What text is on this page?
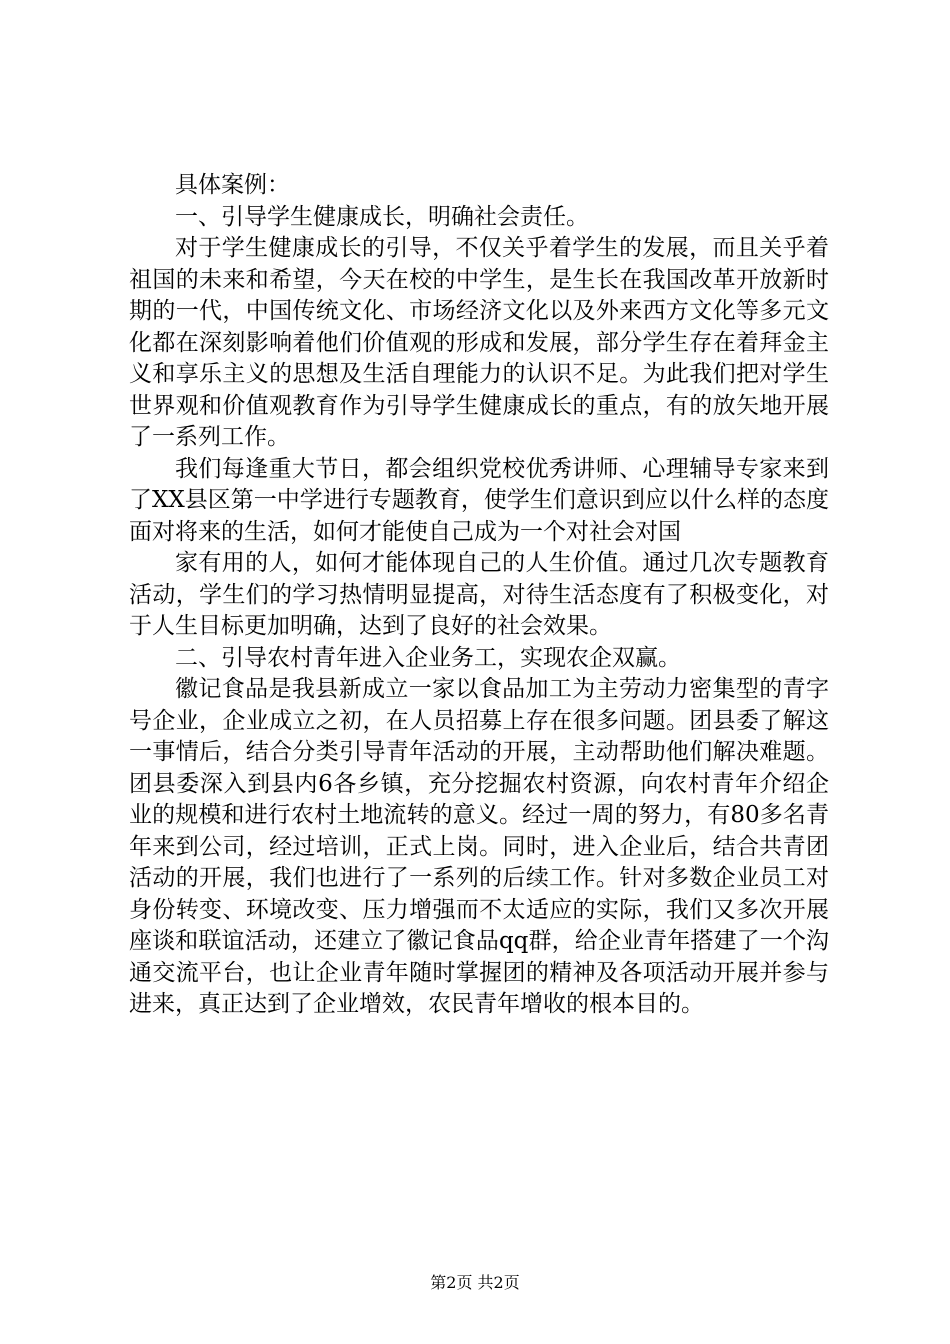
具体案例：

一、引导学生健康成长，明确社会责任。

对于学生健康成长的引导，不仅关乎着学生的发展，而且关乎着祖国的未来和希望，今天在校的中学生，是生长在我国改革开放新时期的一代，中国传统文化、市场经济文化以及外来西方文化等多元文化都在深刻影响着他们价值观的形成和发展，部分学生存在着拜金主义和享乐主义的思想及生活自理能力的认识不足。为此我们把对学生世界观和价值观教育作为引导学生健康成长的重点，有的放矢地开展了一系列工作。

我们每逢重大节日，都会组织党校优秀讲师、心理辅导专家来到了XX县区第一中学进行专题教育，使学生们意识到应以什么样的态度面对将来的生活，如何才能使自己成为一个对社会对国

家有用的人，如何才能体现自己的人生价值。通过几次专题教育活动，学生们的学习热情明显提高，对待生活态度有了积极变化，对于人生目标更加明确，达到了良好的社会效果。

二、引导农村青年进入企业务工，实现农企双赢。

徽记食品是我县新成立一家以食品加工为主劳动力密集型的青字号企业，企业成立之初，在人员招募上存在很多问题。团县委了解这一事情后，结合分类引导青年活动的开展，主动帮助他们解决难题。团县委深入到县内6各乡镇，充分挖掘农村资源，向农村青年介绍企业的规模和进行农村土地流转的意义。经过一周的努力，有80多名青年来到公司，经过培训，正式上岗。同时，进入企业后，结合共青团活动的开展，我们也进行了一系列的后续工作。针对多数企业员工对身份转变、环境改变、压力增强而不太适应的实际，我们又多次开展座谈和联谊活动，还建立了徽记食品qq群，给企业青年搭建了一个沟通交流平台，也让企业青年随时掌握团的精神及各项活动开展并参与进来，真正达到了企业增效，农民青年增收的根本目的。

第2页 共2页
